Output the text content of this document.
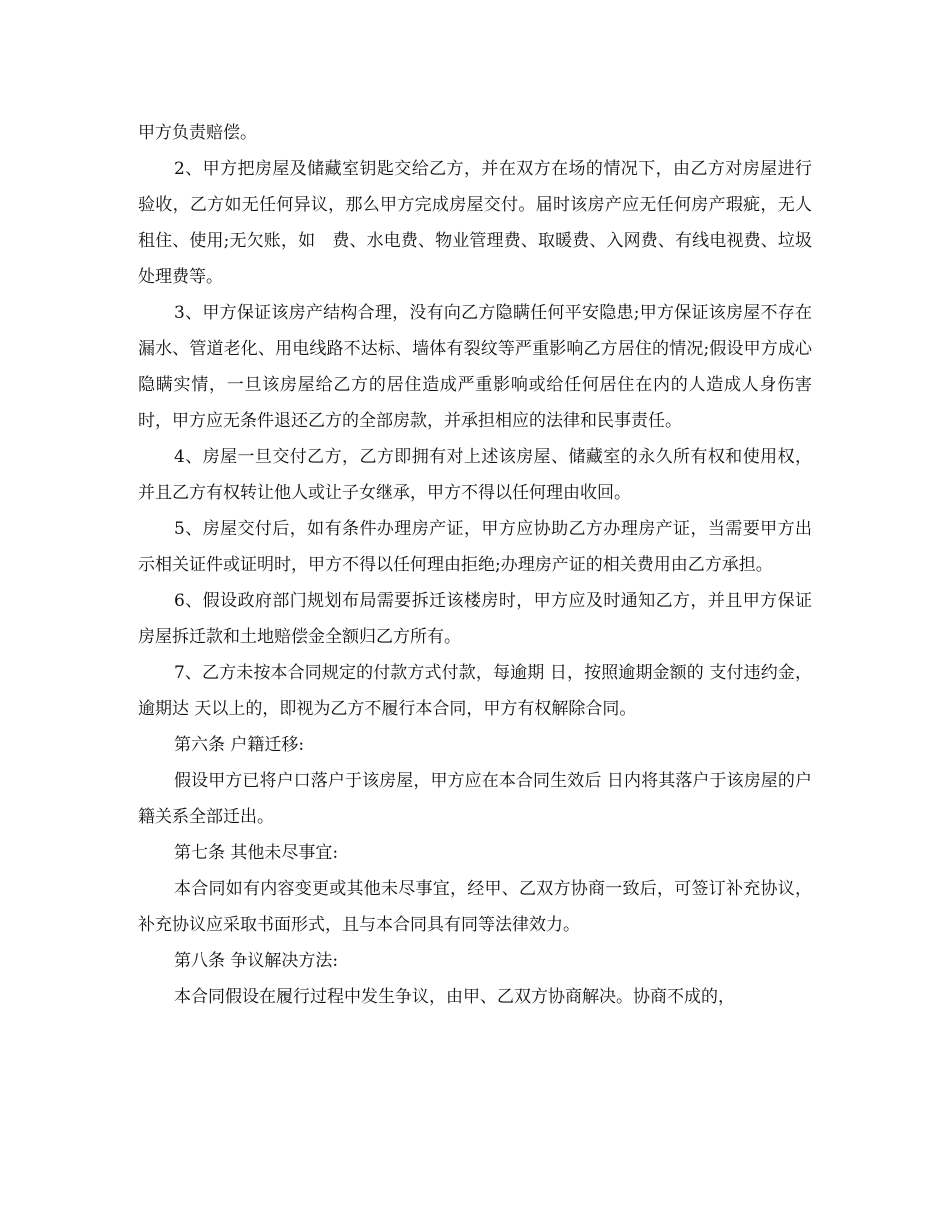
甲方负责赔偿。

2、甲方把房屋及储藏室钥匙交给乙方，并在双方在场的情况下，由乙方对房屋进行验收，乙方如无任何异议，那么甲方完成房屋交付。届时该房产应无任何房产瑕疵，无人租住、使用;无欠账，如　费、水电费、物业管理费、取暖费、入网费、有线电视费、垃圾处理费等。

3、甲方保证该房产结构合理，没有向乙方隐瞒任何平安隐患;甲方保证该房屋不存在漏水、管道老化、用电线路不达标、墙体有裂纹等严重影响乙方居住的情况;假设甲方成心隐瞒实情，一旦该房屋给乙方的居住造成严重影响或给任何居住在内的人造成人身伤害时，甲方应无条件退还乙方的全部房款，并承担相应的法律和民事责任。

4、房屋一旦交付乙方，乙方即拥有对上述该房屋、储藏室的永久所有权和使用权，并且乙方有权转让他人或让子女继承，甲方不得以任何理由收回。

5、房屋交付后，如有条件办理房产证，甲方应协助乙方办理房产证，当需要甲方出示相关证件或证明时，甲方不得以任何理由拒绝;办理房产证的相关费用由乙方承担。

6、假设政府部门规划布局需要拆迁该楼房时，甲方应及时通知乙方，并且甲方保证房屋拆迁款和土地赔偿金全额归乙方所有。

7、乙方未按本合同规定的付款方式付款，每逾期 日，按照逾期金额的 支付违约金，逾期达 天以上的，即视为乙方不履行本合同，甲方有权解除合同。

第六条 户籍迁移:

假设甲方已将户口落户于该房屋，甲方应在本合同生效后 日内将其落户于该房屋的户籍关系全部迁出。

第七条 其他未尽事宜:

本合同如有内容变更或其他未尽事宜，经甲、乙双方协商一致后，可签订补充协议，补充协议应采取书面形式，且与本合同具有同等法律效力。

第八条 争议解决方法:

本合同假设在履行过程中发生争议，由甲、乙双方协商解决。协商不成的，
